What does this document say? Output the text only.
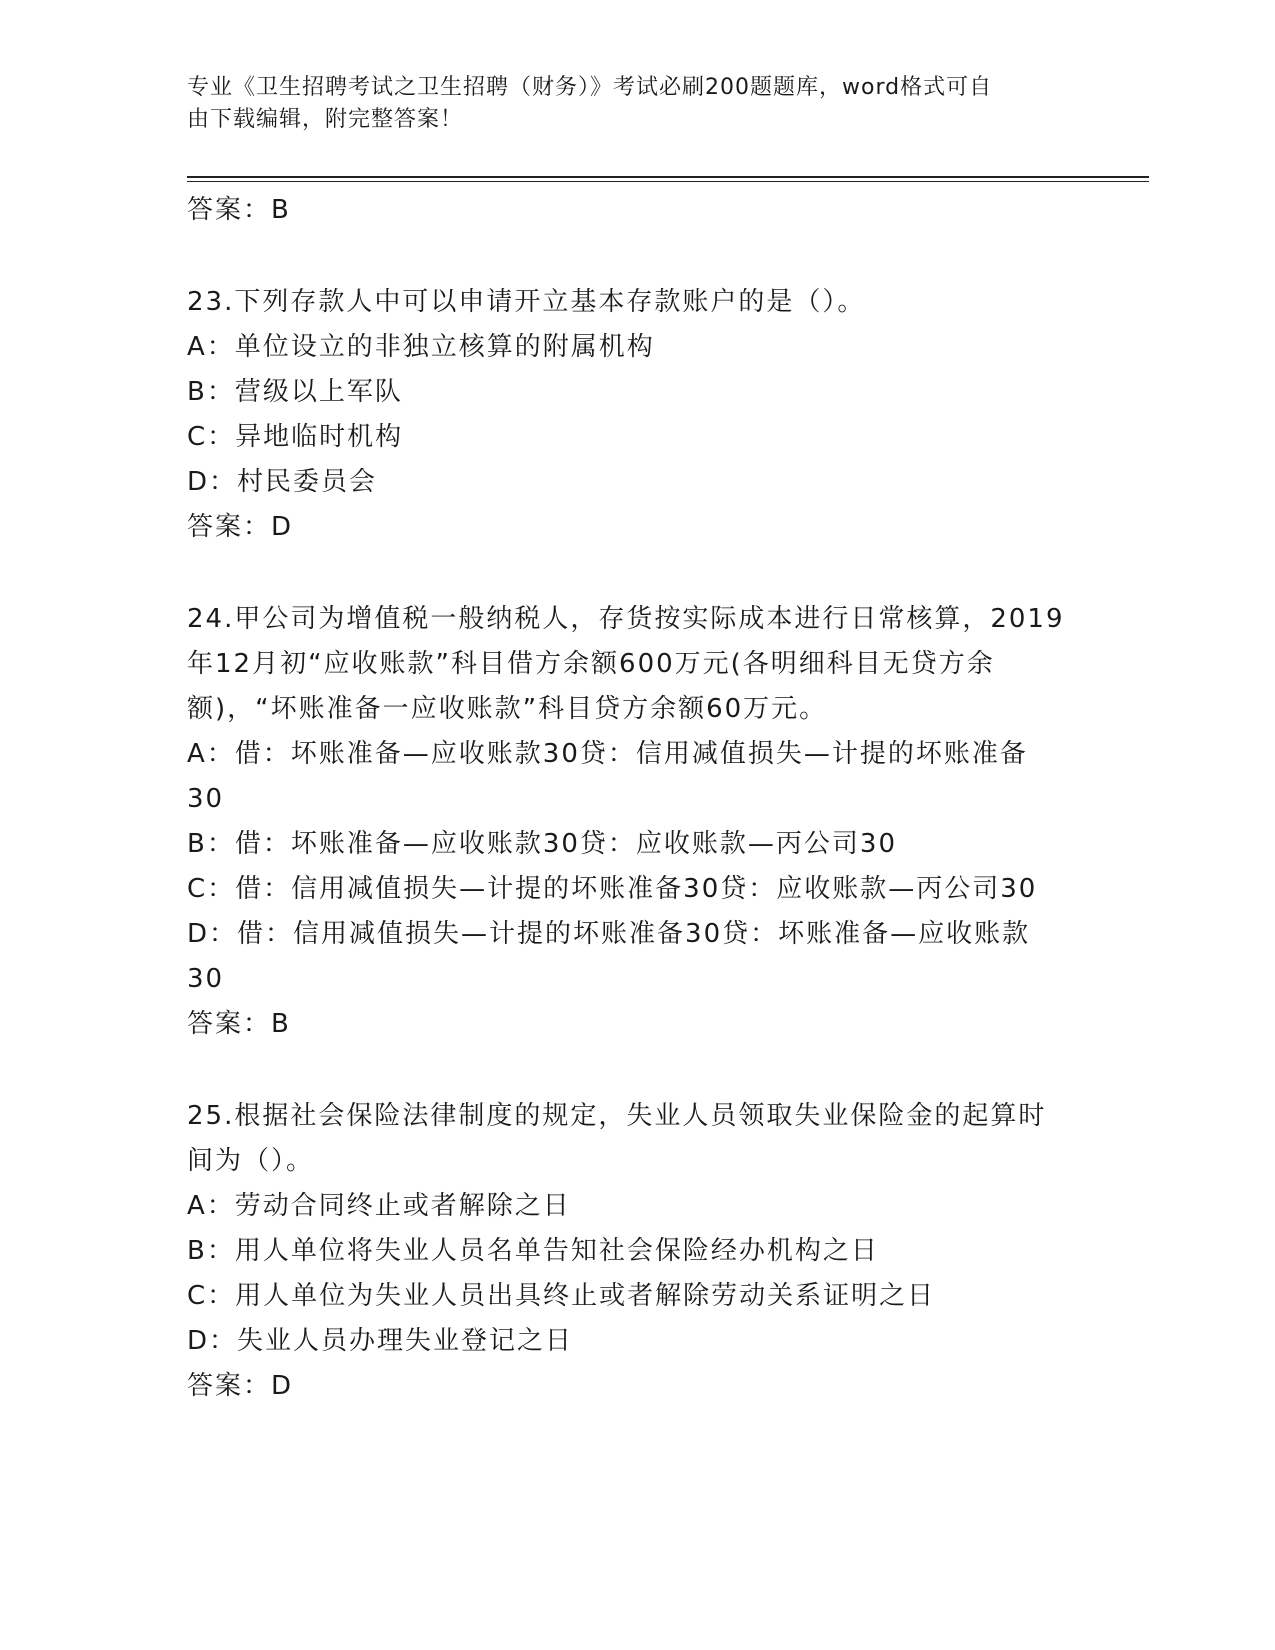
专业《卫生招聘考试之卫生招聘（财务）》考试必刷200题题库，word格式可自
由下载编辑，附完整答案！
答案：B
23.下列存款人中可以申请开立基本存款账户的是（）。
A：单位设立的非独立核算的附属机构
B：营级以上军队
C：异地临时机构
D：村民委员会
答案：D
24.甲公司为增值税一般纳税人，存货按实际成本进行日常核算，2019
年12月初“应收账款”科目借方余额600万元(各明细科目无贷方余
额)，“坏账准备一应收账款”科目贷方余额60万元。
A：借：坏账准备—应收账款30贷：信用减值损失—计提的坏账准备
30
B：借：坏账准备—应收账款30贷：应收账款—丙公司30
C：借：信用减值损失—计提的坏账准备30贷：应收账款—丙公司30
D：借：信用减值损失—计提的坏账准备30贷：坏账准备—应收账款
30
答案：B
25.根据社会保险法律制度的规定，失业人员领取失业保险金的起算时
间为（）。
A：劳动合同终止或者解除之日
B：用人单位将失业人员名单告知社会保险经办机构之日
C：用人单位为失业人员出具终止或者解除劳动关系证明之日
D：失业人员办理失业登记之日
答案：D
